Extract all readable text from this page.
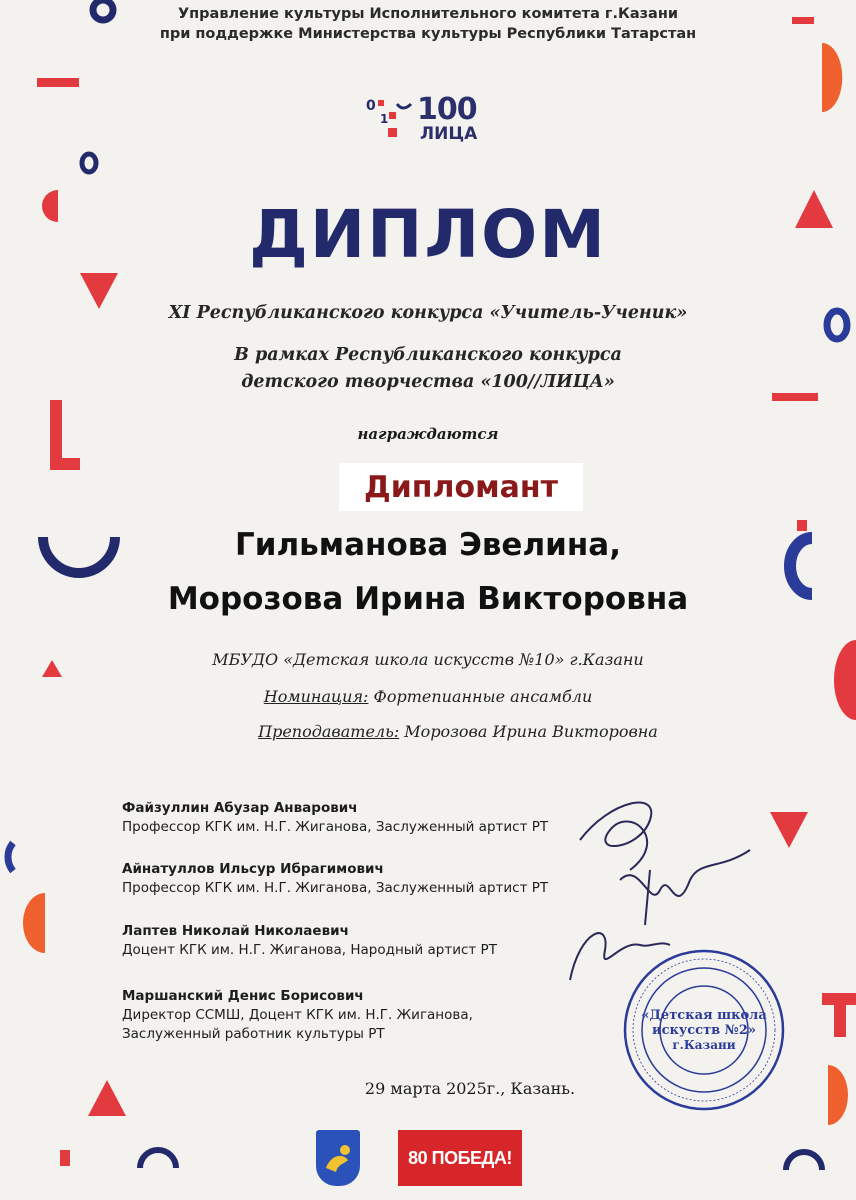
Управление культуры Исполнительного комитета г.Казани
при поддержке Министерства культуры Республики Татарстан
0
1 100
ЛИЦА
ДИПЛОМ
XI Республиканского конкурса «Учитель-Ученик»
В рамках Республиканского конкурса
детского творчества «100//ЛИЦА»
награждаются
Дипломант
Гильманова Эвелина,
Морозова Ирина Викторовна
МБУДО «Детская школа искусств №10» г.Казани
Номинация: Фортепианные ансамбли
Преподаватель: Морозова Ирина Викторовна
Файзуллин Абузар Анварович
Профессор КГК им. Н.Г. Жиганова, Заслуженный артист РТ
Айнатуллов Ильсур Ибрагимович
Профессор КГК им. Н.Г. Жиганова, Заслуженный артист РТ
Лаптев Николай Николаевич
Доцент КГК им. Н.Г. Жиганова, Народный артист РТ
Маршанский Денис Борисович
Директор ССМШ, Доцент КГК им. Н.Г. Жиганова,
Заслуженный работник культуры РТ
«Детская школа
искусств №2»
г.Казани
29 марта 2025г., Казань.
80 ПОБЕДА!
